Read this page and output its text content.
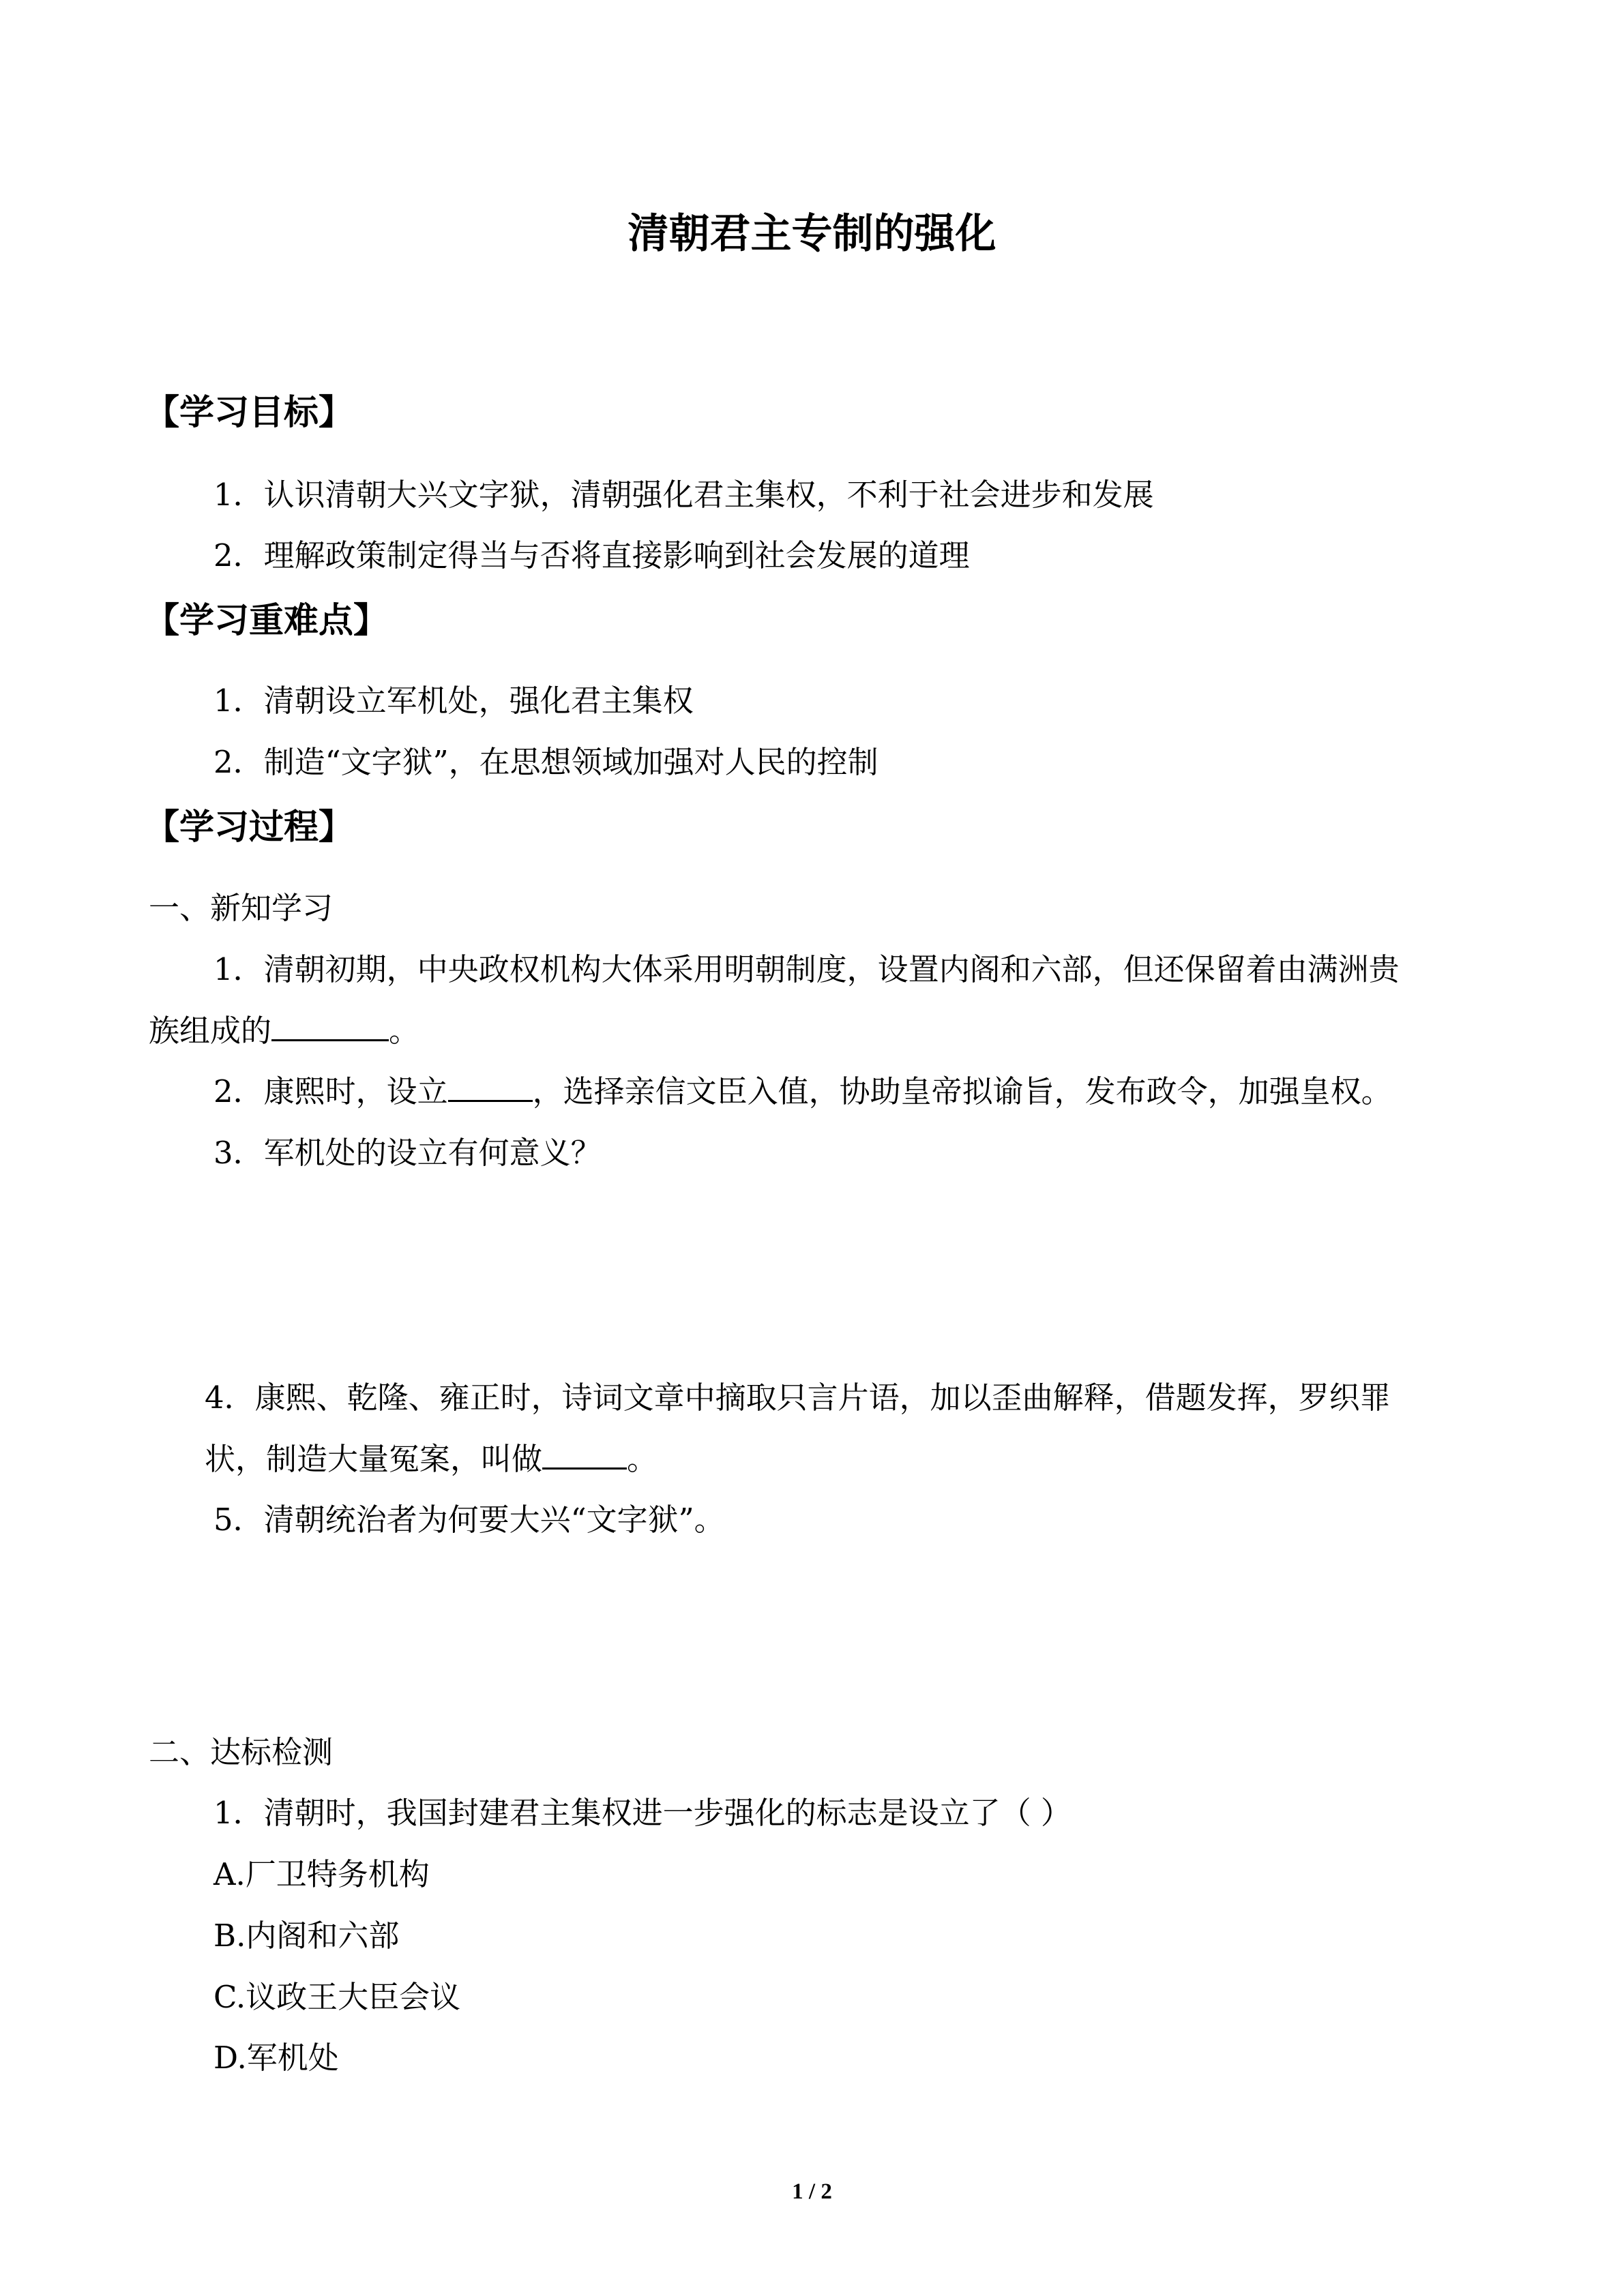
清朝君主专制的强化
【学习目标】
1．认识清朝大兴文字狱，清朝强化君主集权，不利于社会进步和发展
2．理解政策制定得当与否将直接影响到社会发展的道理
【学习重难点】
1．清朝设立军机处，强化君主集权
2．制造“文字狱”，在思想领域加强对人民的控制
【学习过程】
一、新知学习
1．清朝初期，中央政权机构大体采用明朝制度，设置内阁和六部，但还保留着由满洲贵
族组成的	。
2．康熙时，设立	，选择亲信文臣入值，协助皇帝拟谕旨，发布政令，加强皇权。
3．军机处的设立有何意义？
4．康熙、乾隆、雍正时，诗词文章中摘取只言片语，加以歪曲解释，借题发挥，罗织罪
状，制造大量冤案，叫做	。
5．清朝统治者为何要大兴“文字狱”。
二、达标检测
1．清朝时，我国封建君主集权进一步强化的标志是设立了（ ）
A.厂卫特务机构
B.内阁和六部
C.议政王大臣会议
D.军机处
1 / 2
